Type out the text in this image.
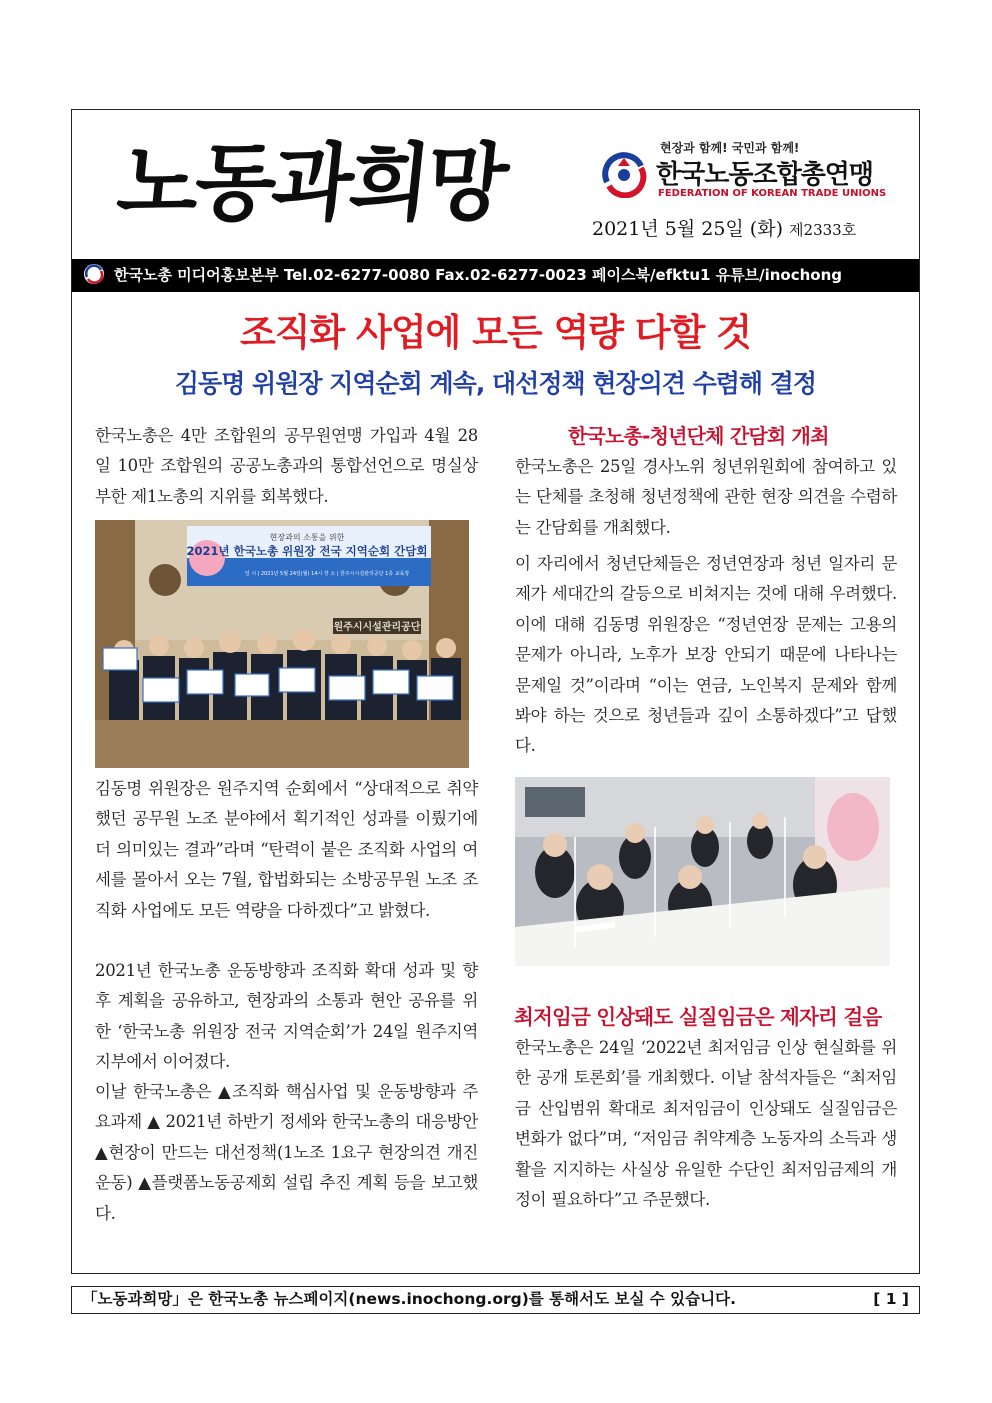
노동과희망	현장과 함께! 국민과 함께!
한국노동조합총연맹
FEDERATION OF KOREAN TRADE UNIONS
2021년 5월 25일 (화) 제2333호
한국노총 미디어홍보본부 Tel.02-6277-0080 Fax.02-6277-0023 페이스북/efktu1 유튜브/inochong
조직화 사업에 모든 역량 다할 것
김동명 위원장 지역순회 계속, 대선정책 현장의견 수렴해 결정

한국노총은 4만 조합원의 공무원연맹 가입과 4월 28일 10만 조합원의 공공노총과의 통합선언으로 명실상부한 제1노총의 지위를 회복했다.

현장과의 소통을 위한
2021년 한국노총 위원장 전국 지역순회 간담회
일 시 | 2021년 5월 24일(월) 14시 장 소 | 원주시시설관리공단 1층 교육장
원주시시설관리공단

김동명 위원장은 원주지역 순회에서 “상대적으로 취약했던 공무원 노조 분야에서 획기적인 성과를 이뤘기에 더 의미있는 결과”라며 “탄력이 붙은 조직화 사업의 여세를 몰아서 오는 7월, 합법화되는 소방공무원 노조 조직화 사업에도 모든 역량을 다하겠다”고 밝혔다.

2021년 한국노총 운동방향과 조직화 확대 성과 및 향후 계획을 공유하고, 현장과의 소통과 현안 공유를 위한 ‘한국노총 위원장 전국 지역순회’가 24일 원주지역지부에서 이어졌다.

이날 한국노총은 ▲조직화 핵심사업 및 운동방향과 주요과제 ▲ 2021년 하반기 정세와 한국노총의 대응방안 ▲현장이 만드는 대선정책(1노조 1요구 현장의견 개진운동) ▲플랫폼노동공제회 설립 추진 계획 등을 보고했다.

한국노총-청년단체 간담회 개최

한국노총은 25일 경사노위 청년위원회에 참여하고 있는 단체를 초청해 청년정책에 관한 현장 의견을 수렴하는 간담회를 개최했다.

이 자리에서 청년단체들은 정년연장과 청년 일자리 문제가 세대간의 갈등으로 비쳐지는 것에 대해 우려했다. 이에 대해 김동명 위원장은 “정년연장 문제는 고용의 문제가 아니라, 노후가 보장 안되기 때문에 나타나는 문제일 것”이라며 “이는 연금, 노인복지 문제와 함께 봐야 하는 것으로 청년들과 깊이 소통하겠다”고 답했다.

최저임금 인상돼도 실질임금은 제자리 걸음

한국노총은 24일 ‘2022년 최저임금 인상 현실화를 위한 공개 토론회’를 개최했다. 이날 참석자들은 “최저임금 산입범위 확대로 최저임금이 인상돼도 실질임금은 변화가 없다”며, “저임금 취약계층 노동자의 소득과 생활을 지지하는 사실상 유일한 수단인 최저임금제의 개정이 필요하다”고 주문했다.

「노동과희망」은 한국노총 뉴스페이지(news.inochong.org)를 통해서도 보실 수 있습니다.	[ 1 ]
